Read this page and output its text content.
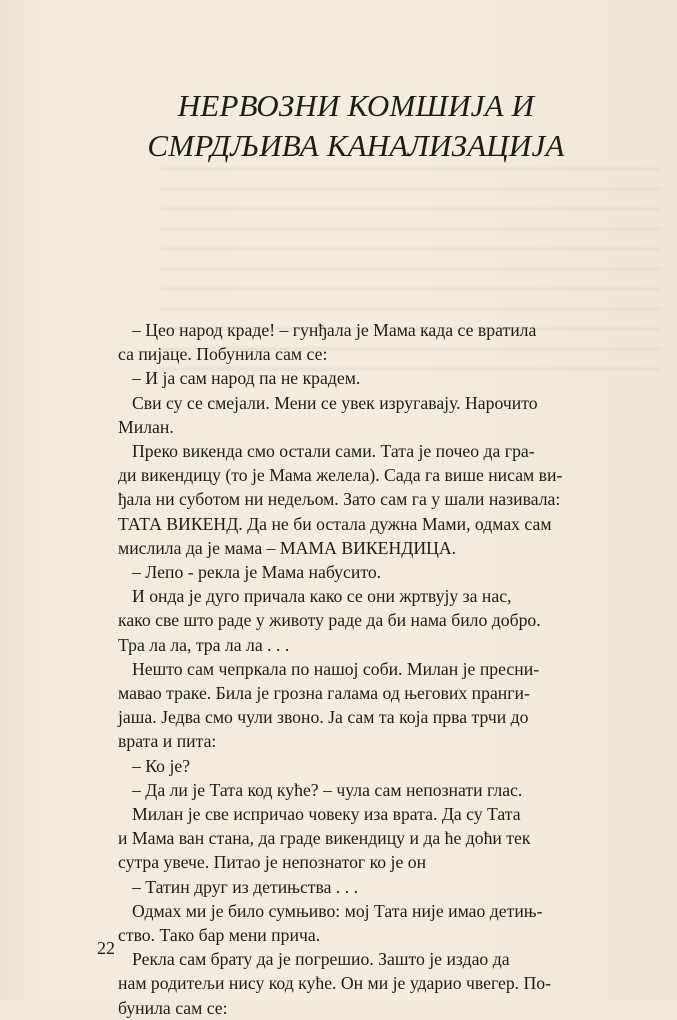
НЕРВОЗНИ КОМШИЈА И
СМРДЉИВА КАНАЛИЗАЦИЈА
– Цео народ краде! – гунђала је Мама када се вратила
са пијаце. Побунила сам се:
– И ја сам народ па не крадем.
Сви су се смејали. Мени се увек изругавају. Нарочито
Милан.
Преко викенда смо остали сами. Тата је почео да гра-
ди викендицу (то је Мама желела). Сада га више нисам ви-
ђала ни суботом ни недељом. Зато сам га у шали називала:
ТАТА ВИКЕНД. Да не би остала дужна Мами, одмах сам
мислила да је мама – МАМА ВИКЕНДИЦА.
– Лепо - рекла је Мама набусито.
И онда је дуго причала како се они жртвују за нас,
како све што раде у животу раде да би нама било добро.
Тра ла ла, тра ла ла . . .
Нешто сам чепркала по нашој соби. Милан је пресни-
мавао траке. Била је грозна галама од његових пранги-
јаша. Једва смо чули звоно. Ја сам та која прва трчи до
врата и пита:
– Ко је?
– Да ли је Тата код куће? – чула сам непознати глас.
Милан је све испричао човеку иза врата. Да су Тата
и Мама ван стана, да граде викендицу и да ће доћи тек
сутра увече. Питао је непознатог ко је он
– Татин друг из детињства . . .
Одмах ми је било сумњиво: мој Тата није имао детињ-
ство. Тако бар мени прича.
Рекла сам брату да је погрешио. Зашто је издао да
нам родитељи нису код куће. Он ми је ударио чвегер. По-
бунила сам се:
22
